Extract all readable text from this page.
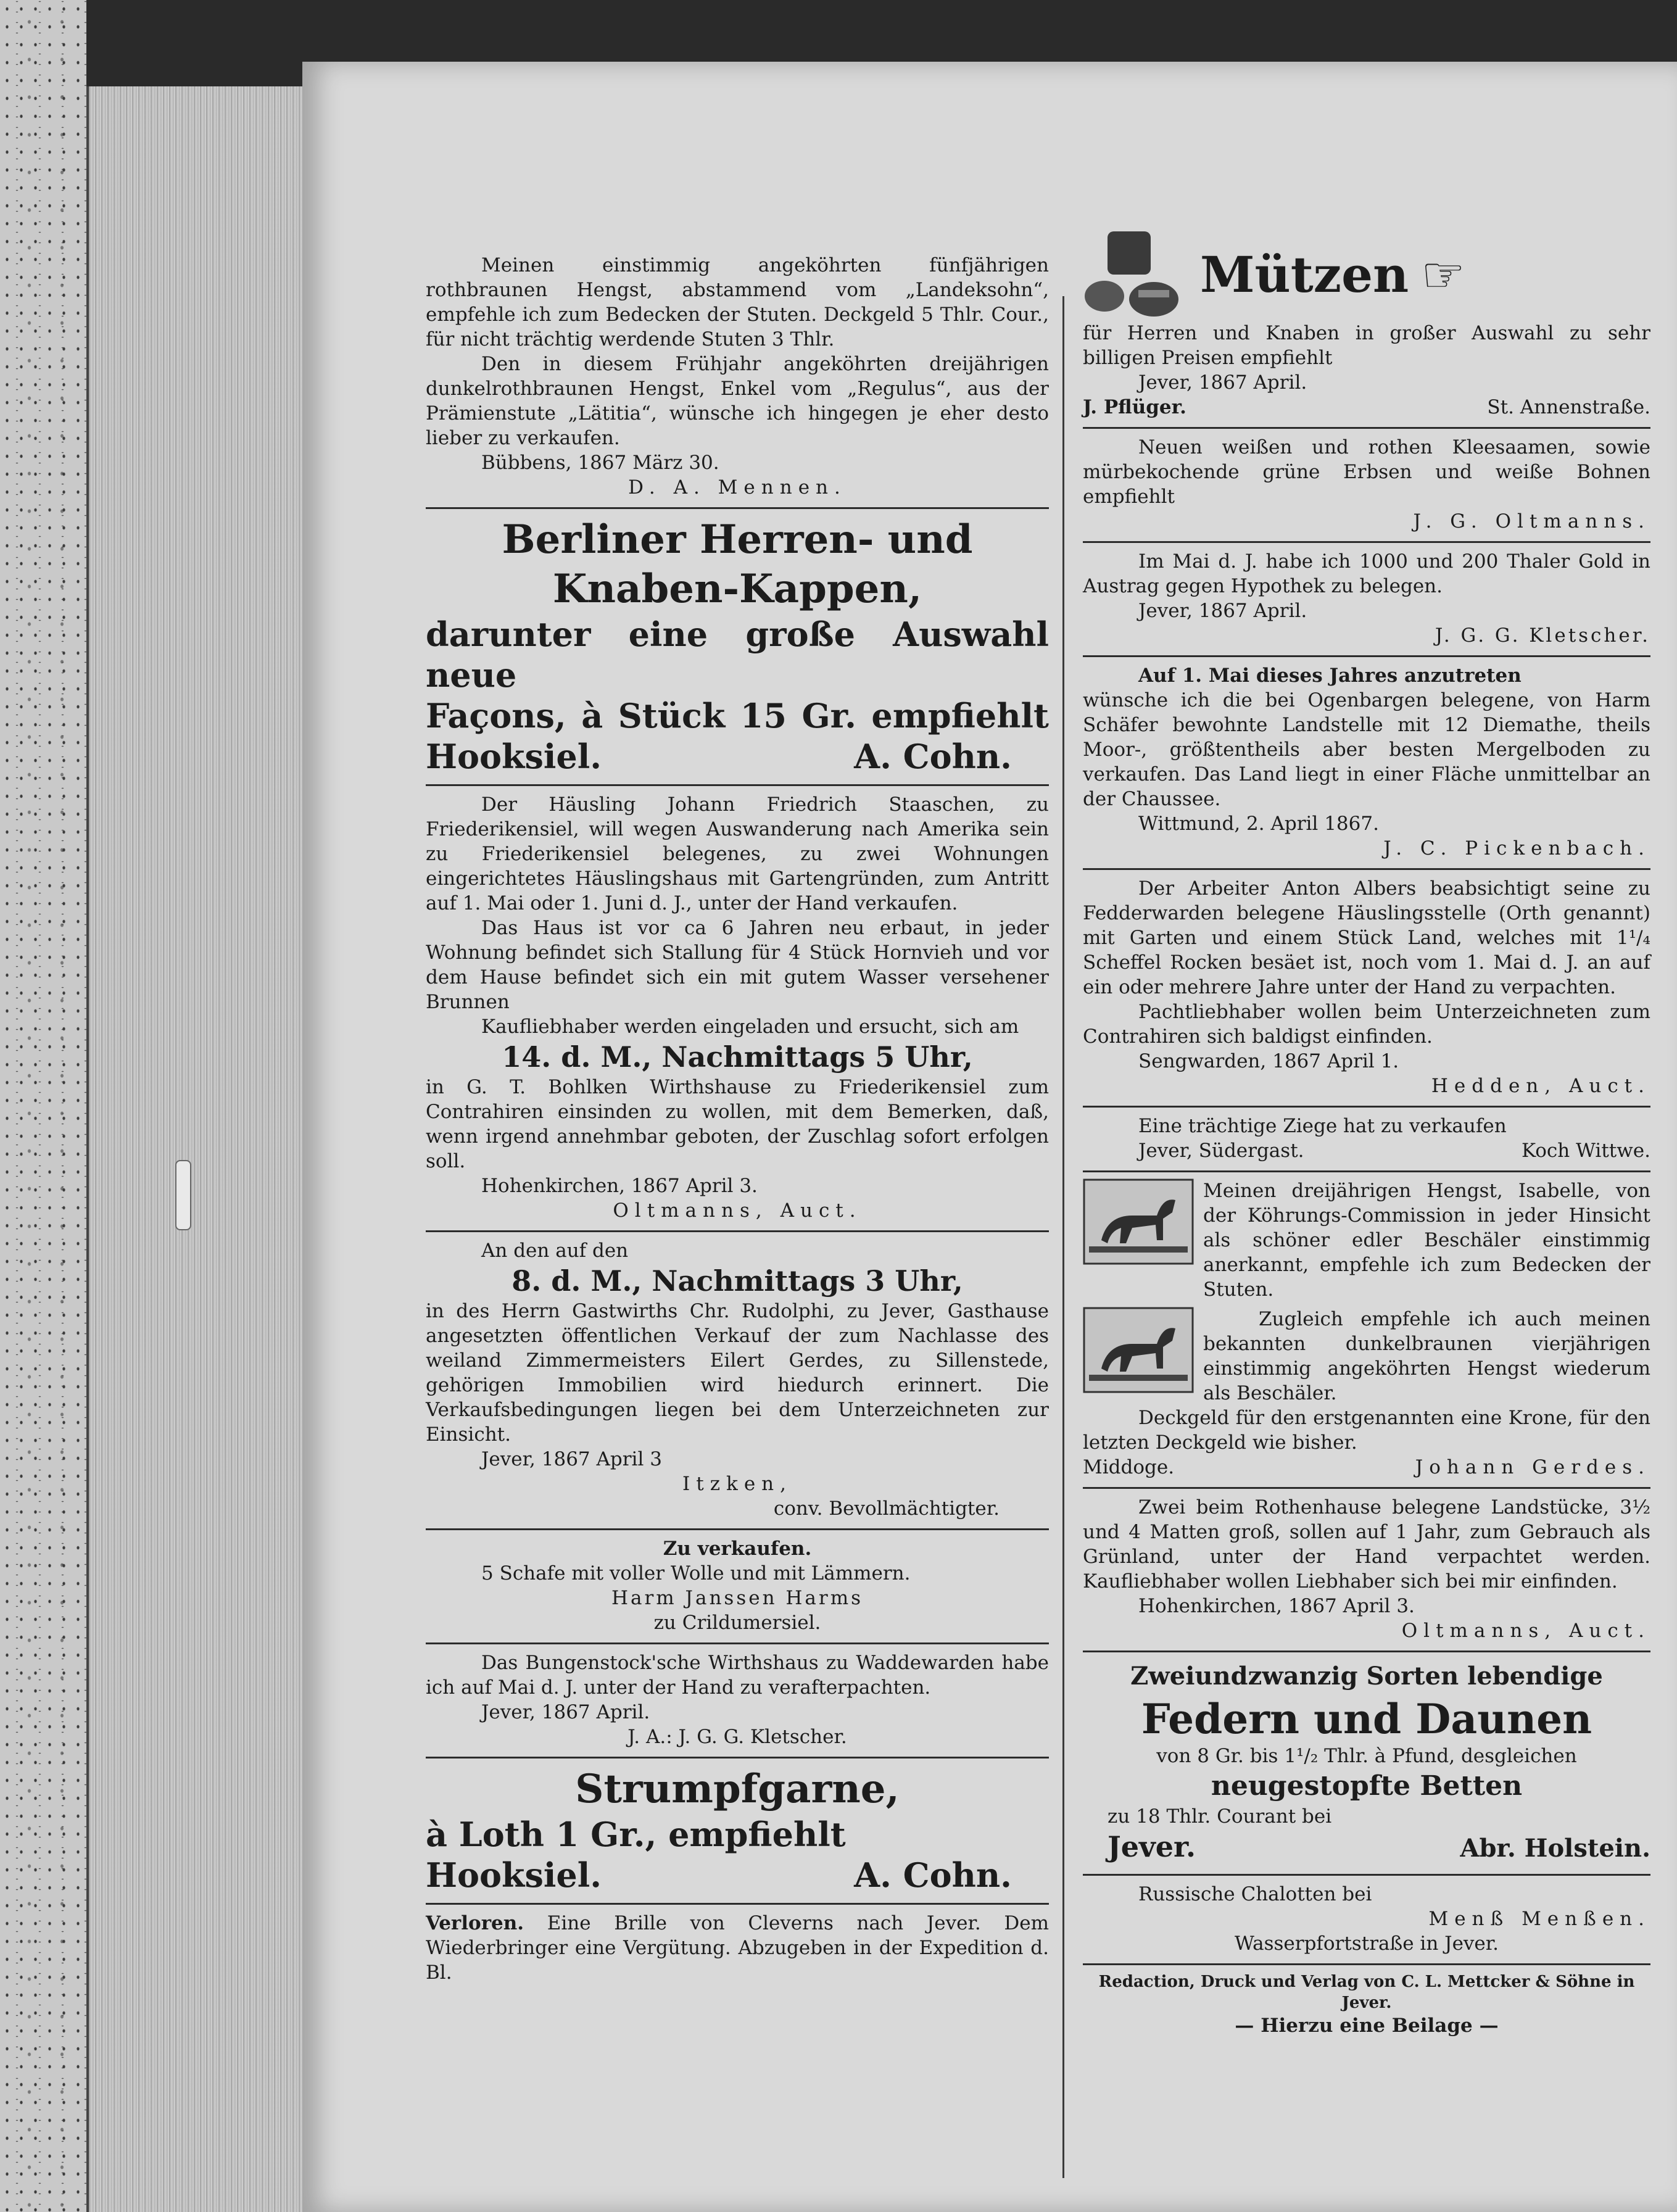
Meinen einstimmig angeköhrten fünfjährigen rothbraunen Hengst, abstammend vom „Landeksohn“, empfehle ich zum Bedecken der Stuten. Deckgeld 5 Thlr. Cour., für nicht trächtig werdende Stuten 3 Thlr.

Den in diesem Frühjahr angeköhrten dreijährigen dunkelrothbraunen Hengst, Enkel vom „Regulus“, aus der Prämienstute „Lätitia“, wünsche ich hingegen je eher desto lieber zu verkaufen.

Bübbens, 1867 März 30.

D. A. Mennen.

Berliner Herren- und

Knaben-Kappen,

darunter eine große Auswahl neue

Façons, à Stück 15 Gr. empfiehlt

Hooksiel.	A. Cohn.

Der Häusling Johann Friedrich Staaschen, zu Friederikensiel, will wegen Auswanderung nach Amerika sein zu Friederikensiel belegenes, zu zwei Wohnungen eingerichtetes Häuslingshaus mit Gartengründen, zum Antritt auf 1. Mai oder 1. Juni d. J., unter der Hand verkaufen.

Das Haus ist vor ca 6 Jahren neu erbaut, in jeder Wohnung befindet sich Stallung für 4 Stück Hornvieh und vor dem Hause befindet sich ein mit gutem Wasser versehener Brunnen

Kaufliebhaber werden eingeladen und ersucht, sich am

14. d. M., Nachmittags 5 Uhr,

in G. T. Bohlken Wirthshause zu Friederikensiel zum Contrahiren einsinden zu wollen, mit dem Bemerken, daß, wenn irgend annehmbar geboten, der Zuschlag sofort erfolgen soll.

Hohenkirchen, 1867 April 3.

Oltmanns, Auct.

An den auf den

8. d. M., Nachmittags 3 Uhr,

in des Herrn Gastwirths Chr. Rudolphi, zu Jever, Gasthause angesetzten öffentlichen Verkauf der zum Nachlasse des weiland Zimmermeisters Eilert Gerdes, zu Sillenstede, gehörigen Immobilien wird hiedurch erinnert. Die Verkaufsbedingungen liegen bei dem Unterzeichneten zur Einsicht.

Jever, 1867 April 3

Itzken,

conv. Bevollmächtigter.

Zu verkaufen.

5 Schafe mit voller Wolle und mit Lämmern.

Harm Janssen Harms

zu Crildumersiel.

Das Bungenstock'sche Wirthshaus zu Waddewarden habe ich auf Mai d. J. unter der Hand zu verafterpachten.

Jever, 1867 April.

J. A.: J. G. G. Kletscher.

Strumpfgarne,

à Loth 1 Gr., empfiehlt

Hooksiel.	A. Cohn.

Verloren. Eine Brille von Cleverns nach Jever. Dem Wiederbringer eine Vergütung. Abzugeben in der Expedition d. Bl.

Mützen ☞

für Herren und Knaben in großer Auswahl zu sehr billigen Preisen empfiehlt

Jever, 1867 April.

J. Pflüger.	St. Annenstraße.

Neuen weißen und rothen Kleesaamen, sowie mürbekochende grüne Erbsen und weiße Bohnen empfiehlt

J. G. Oltmanns.

Im Mai d. J. habe ich 1000 und 200 Thaler Gold in Austrag gegen Hypothek zu belegen.

Jever, 1867 April.

J. G. G. Kletscher.

Auf 1. Mai dieses Jahres anzutreten

wünsche ich die bei Ogenbargen belegene, von Harm Schäfer bewohnte Landstelle mit 12 Diemathe, theils Moor-, größtentheils aber besten Mergelboden zu verkaufen. Das Land liegt in einer Fläche unmittelbar an der Chaussee.

Wittmund, 2. April 1867.

J. C. Pickenbach.

Der Arbeiter Anton Albers beabsichtigt seine zu Fedderwarden belegene Häuslingsstelle (Orth genannt) mit Garten und einem Stück Land, welches mit 1¹/₄ Scheffel Rocken besäet ist, noch vom 1. Mai d. J. an auf ein oder mehrere Jahre unter der Hand zu verpachten.

Pachtliebhaber wollen beim Unterzeichneten zum Contrahiren sich baldigst einfinden.

Sengwarden, 1867 April 1.

Hedden, Auct.

Eine trächtige Ziege hat zu verkaufen

Jever, Südergast.	Koch Wittwe.

Meinen dreijährigen Hengst, Isabelle, von der Köhrungs-Commission in jeder Hinsicht als schöner edler Beschäler einstimmig anerkannt, empfehle ich zum Bedecken der Stuten.

Zugleich empfehle ich auch meinen bekannten dunkelbraunen vierjährigen einstimmig angeköhrten Hengst wiederum als Beschäler.

Deckgeld für den erstgenannten eine Krone, für den letzten Deckgeld wie bisher.

Middoge.	Johann Gerdes.

Zwei beim Rothenhause belegene Landstücke, 3½ und 4 Matten groß, sollen auf 1 Jahr, zum Gebrauch als Grünland, unter der Hand verpachtet werden. Kaufliebhaber wollen Liebhaber sich bei mir einfinden.

Hohenkirchen, 1867 April 3.

Oltmanns, Auct.

Zweiundzwanzig Sorten lebendige

Federn und Daunen

von 8 Gr. bis 1¹/₂ Thlr. à Pfund, desgleichen

neugestopfte Betten

zu 18 Thlr. Courant bei

Jever.	Abr. Holstein.

Russische Chalotten bei

Menß Menßen.

Wasserpfortstraße in Jever.

Redaction, Druck und Verlag von C. L. Mettcker & Söhne in Jever.

— Hierzu eine Beilage —
